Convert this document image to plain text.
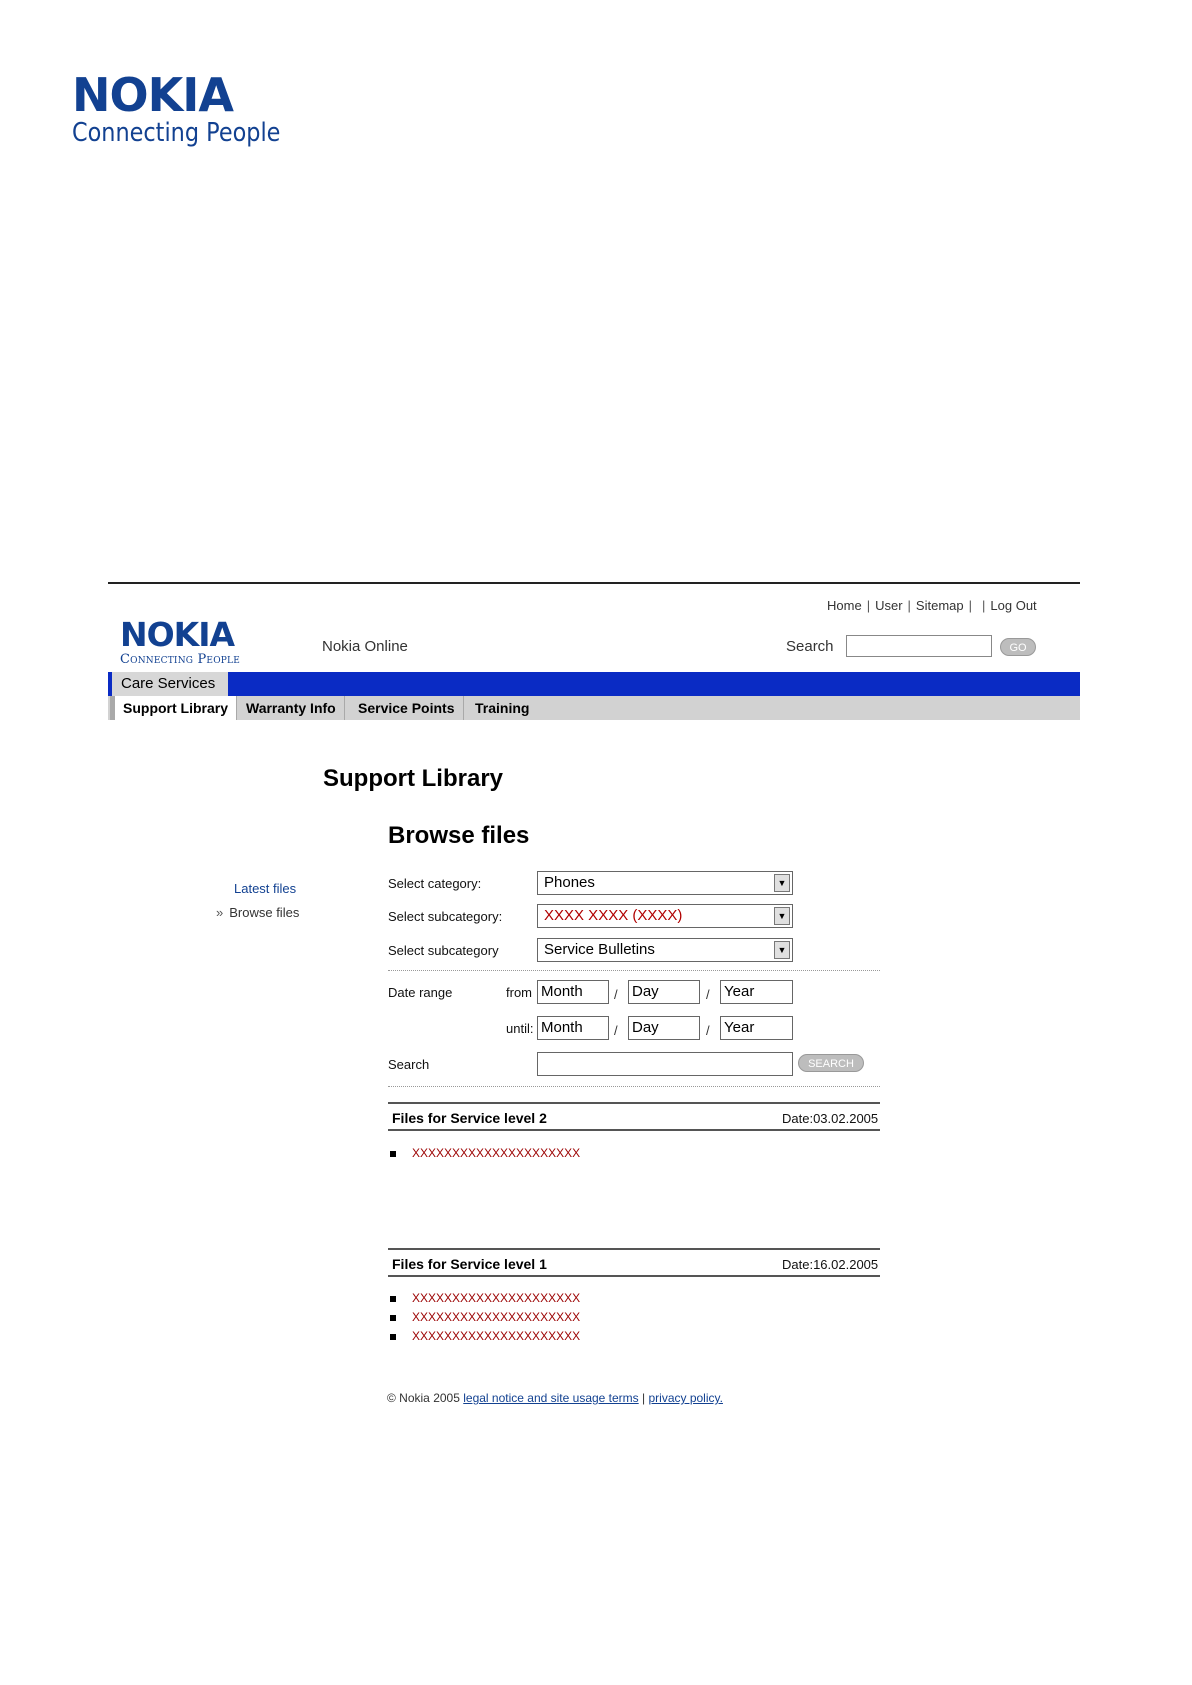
NOKIA
Connecting People
Home | User | Sitemap | | Log Out
NOKIA
Connecting People
Nokia Online	Search	GO
Care Services
Support Library	Warranty Info	Service Points	Training
Support Library
Browse files
Latest files
» Browse files
Select category:	Phones	▼
Select subcategory:	XXXX XXXX (XXXX)	▼
Select subcategory	Service Bulletins	▼
Date range	from Month	/ Day	/ Year
until: Month	/ Day	/ Year
Search	SEARCH
Files for Service level 2	Date:03.02.2005
XXXXXXXXXXXXXXXXXXXXX
Files for Service level 1	Date:16.02.2005
XXXXXXXXXXXXXXXXXXXXX
XXXXXXXXXXXXXXXXXXXXX
XXXXXXXXXXXXXXXXXXXXX
© Nokia 2005 legal notice and site usage terms | privacy policy.
